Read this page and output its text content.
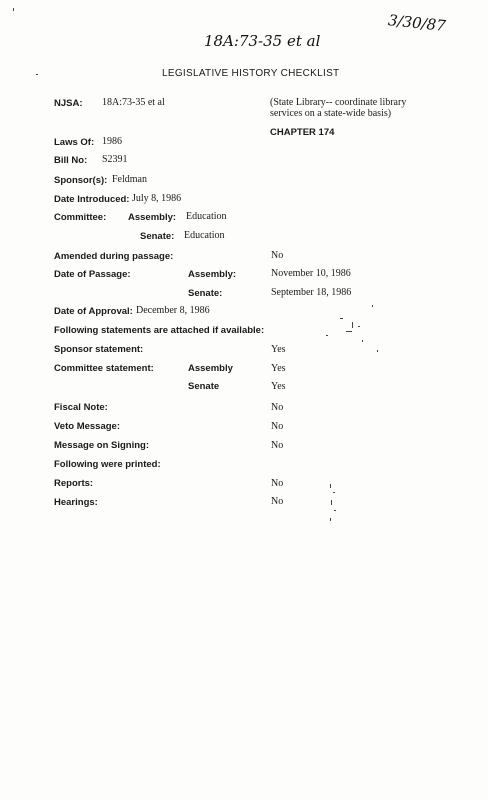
18A:73-35 et al
3/30/87
LEGISLATIVE HISTORY CHECKLIST
NJSA: 18A:73-35 et al	(State Library-- coordinate library
services on a state-wide basis)
CHAPTER 174
Laws Of: 1986
Bill No: S2391
Sponsor(s): Feldman
Date Introduced: July 8, 1986
Committee: Assembly: Education
Senate: Education
Amended during passage:	No
Date of Passage:	Assembly:	November 10, 1986
Senate:	September 18, 1986
Date of Approval: December 8, 1986
Following statements are attached if available:
Sponsor statement:	Yes
Committee statement:	Assembly	Yes
Senate	Yes
Fiscal Note:	No
Veto Message:	No
Message on Signing:	No
Following were printed:
Reports:	No
Hearings:	No
